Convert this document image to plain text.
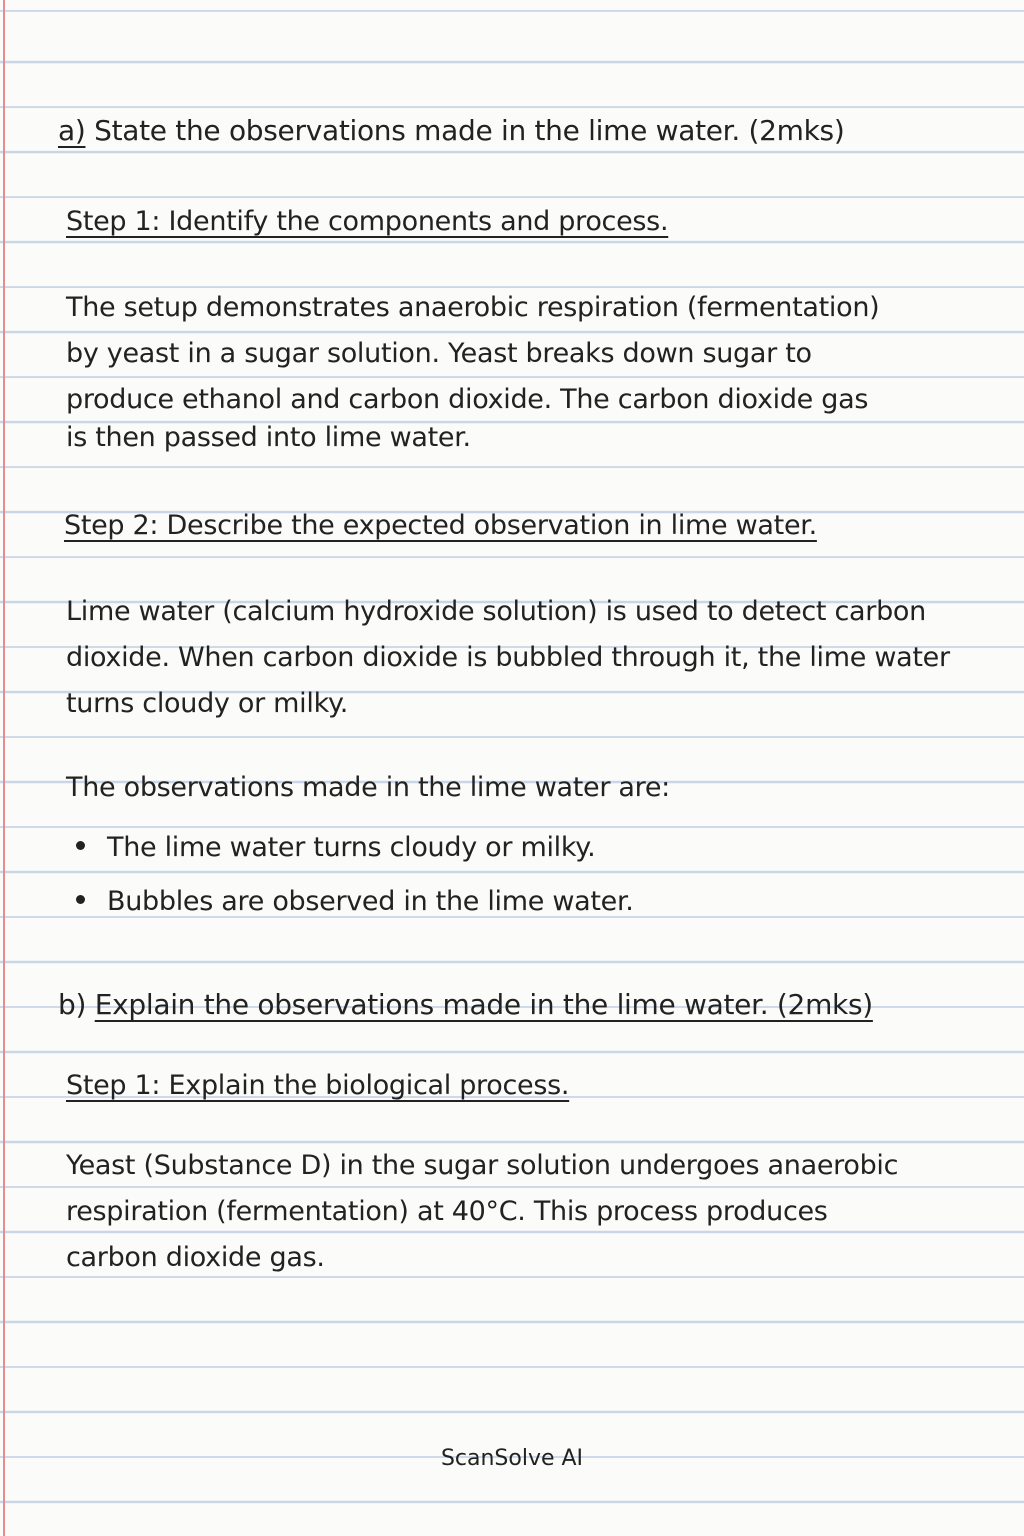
a) State the observations made in the lime water. (2mks)
Step 1: Identify the components and process.
The setup demonstrates anaerobic respiration (fermentation)
by yeast in a sugar solution. Yeast breaks down sugar to
produce ethanol and carbon dioxide. The carbon dioxide gas
is then passed into lime water.
Step 2: Describe the expected observation in lime water.
Lime water (calcium hydroxide solution) is used to detect carbon
dioxide. When carbon dioxide is bubbled through it, the lime water
turns cloudy or milky.
The observations made in the lime water are:
The lime water turns cloudy or milky.
Bubbles are observed in the lime water.
b) Explain the observations made in the lime water. (2mks)
Step 1: Explain the biological process.
Yeast (Substance D) in the sugar solution undergoes anaerobic
respiration (fermentation) at 40°C. This process produces
carbon dioxide gas.
ScanSolve AI
